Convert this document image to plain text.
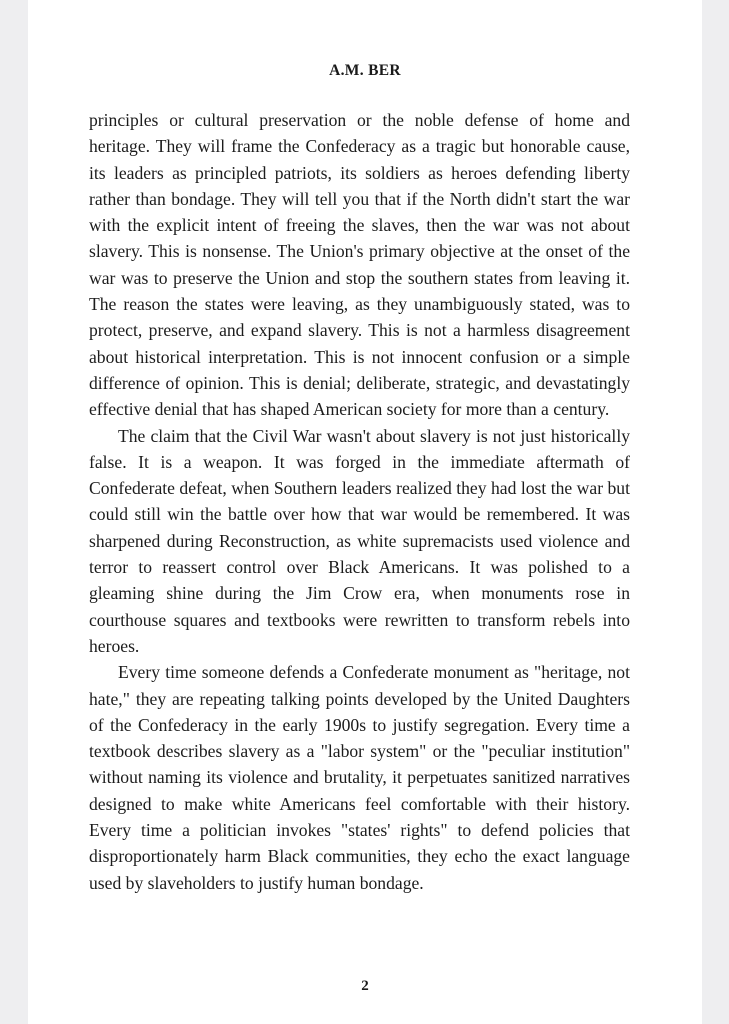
A.M. BER

principles or cultural preservation or the noble defense of home and heritage. They will frame the Confederacy as a tragic but honorable cause, its leaders as principled patriots, its soldiers as heroes defending liberty rather than bondage. They will tell you that if the North didn't start the war with the explicit intent of freeing the slaves, then the war was not about slavery. This is nonsense. The Union's primary objective at the onset of the war was to preserve the Union and stop the southern states from leaving it. The reason the states were leaving, as they unambiguously stated, was to protect, preserve, and expand slavery. This is not a harmless disagreement about historical interpretation. This is not innocent confusion or a simple difference of opinion. This is denial; deliberate, strategic, and devastatingly effective denial that has shaped American society for more than a century.

The claim that the Civil War wasn't about slavery is not just historically false. It is a weapon. It was forged in the immediate aftermath of Confederate defeat, when Southern leaders realized they had lost the war but could still win the battle over how that war would be remembered. It was sharpened during Reconstruction, as white supremacists used violence and terror to reassert control over Black Americans. It was polished to a gleaming shine during the Jim Crow era, when monuments rose in courthouse squares and textbooks were rewritten to transform rebels into heroes.

Every time someone defends a Confederate monument as "heritage, not hate," they are repeating talking points developed by the United Daughters of the Confederacy in the early 1900s to justify segregation. Every time a textbook describes slavery as a "labor system" or the "peculiar institution" without naming its violence and brutality, it perpetuates sanitized narratives designed to make white Americans feel comfortable with their history. Every time a politician invokes "states' rights" to defend policies that disproportionately harm Black communities, they echo the exact language used by slaveholders to justify human bondage.

2
